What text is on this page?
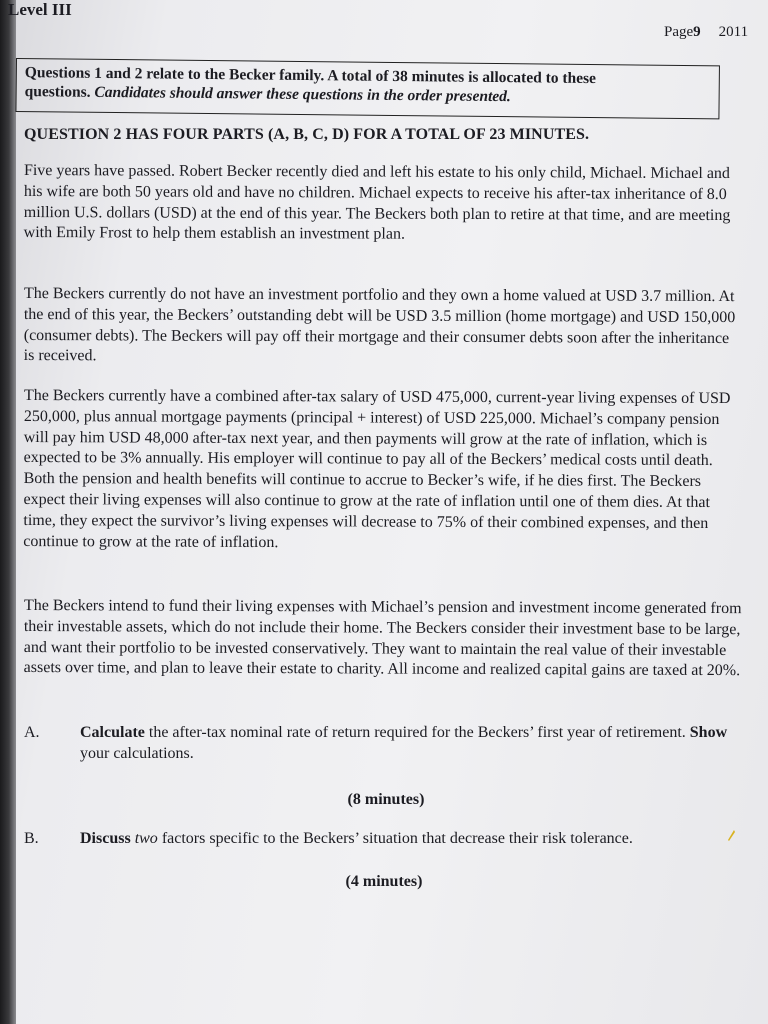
Level III
Page9 2011
Questions 1 and 2 relate to the Becker family. A total of 38 minutes is allocated to these
questions. Candidates should answer these questions in the order presented.
QUESTION 2 HAS FOUR PARTS (A, B, C, D) FOR A TOTAL OF 23 MINUTES.
Five years have passed. Robert Becker recently died and left his estate to his only child, Michael. Michael and his wife are both 50 years old and have no children. Michael expects to receive his after-tax inheritance of 8.0 million U.S. dollars (USD) at the end of this year. The Beckers both plan to retire at that time, and are meeting with Emily Frost to help them establish an investment plan.
The Beckers currently do not have an investment portfolio and they own a home valued at USD 3.7 million. At the end of this year, the Beckers’ outstanding debt will be USD 3.5 million (home mortgage) and USD 150,000 (consumer debts). The Beckers will pay off their mortgage and their consumer debts soon after the inheritance is received.
The Beckers currently have a combined after-tax salary of USD 475,000, current-year living expenses of USD 250,000, plus annual mortgage payments (principal + interest) of USD 225,000. Michael’s company pension will pay him USD 48,000 after-tax next year, and then payments will grow at the rate of inflation, which is expected to be 3% annually. His employer will continue to pay all of the Beckers’ medical costs until death. Both the pension and health benefits will continue to accrue to Becker’s wife, if he dies first. The Beckers expect their living expenses will also continue to grow at the rate of inflation until one of them dies. At that time, they expect the survivor’s living expenses will decrease to 75% of their combined expenses, and then continue to grow at the rate of inflation.
The Beckers intend to fund their living expenses with Michael’s pension and investment income generated from their investable assets, which do not include their home. The Beckers consider their investment base to be large, and want their portfolio to be invested conservatively. They want to maintain the real value of their investable assets over time, and plan to leave their estate to charity. All income and realized capital gains are taxed at 20%.
A.	Calculate the after-tax nominal rate of return required for the Beckers’ first year of retirement. Show your calculations.
(8 minutes)
B.	Discuss two factors specific to the Beckers’ situation that decrease their risk tolerance.
(4 minutes)
